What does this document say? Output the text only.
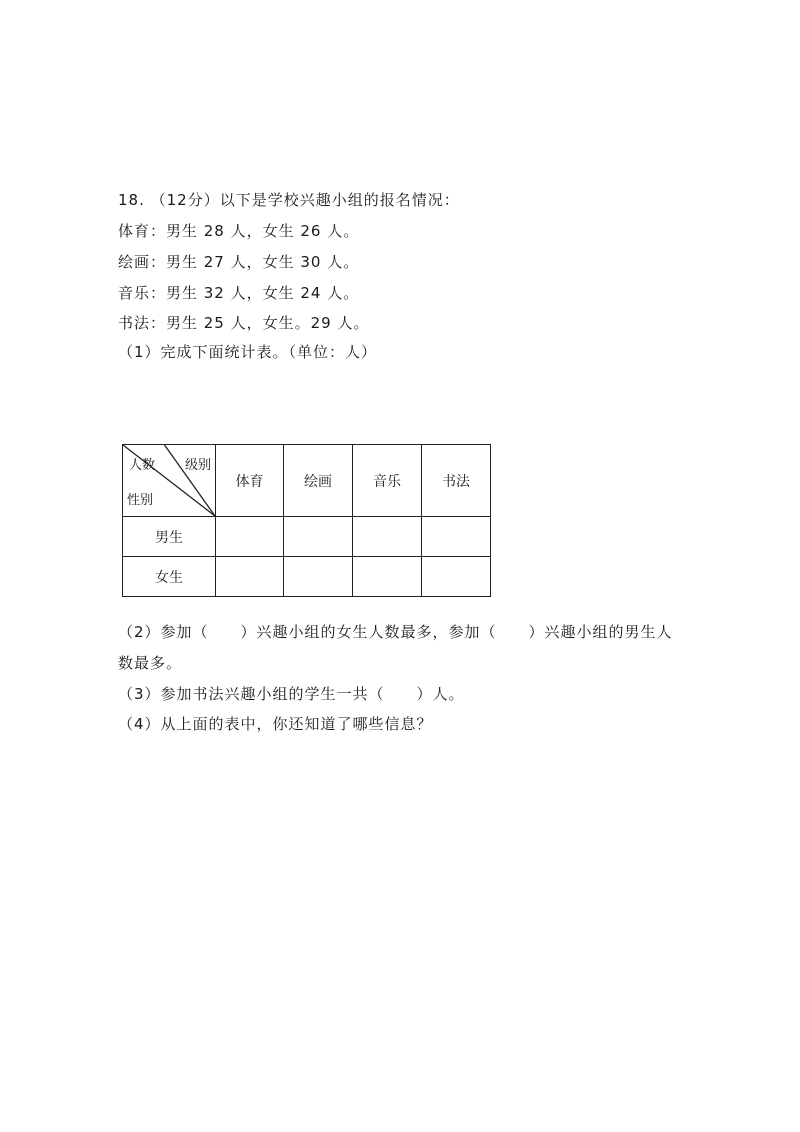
18. （12分）以下是学校兴趣小组的报名情况：
体育：男生 28 人，女生 26 人。
绘画：男生 27 人，女生 30 人。
音乐：男生 32 人，女生 24 人。
书法：男生 25 人，女生。29 人。
（1）完成下面统计表。（单位：人）
人数 级别
性别	体育	绘画	音乐	书法
男生				
女生				
（2）参加（　　）兴趣小组的女生人数最多，参加（　　）兴趣小组的男生人
数最多。
（3）参加书法兴趣小组的学生一共（　　）人。
（4）从上面的表中，你还知道了哪些信息？
